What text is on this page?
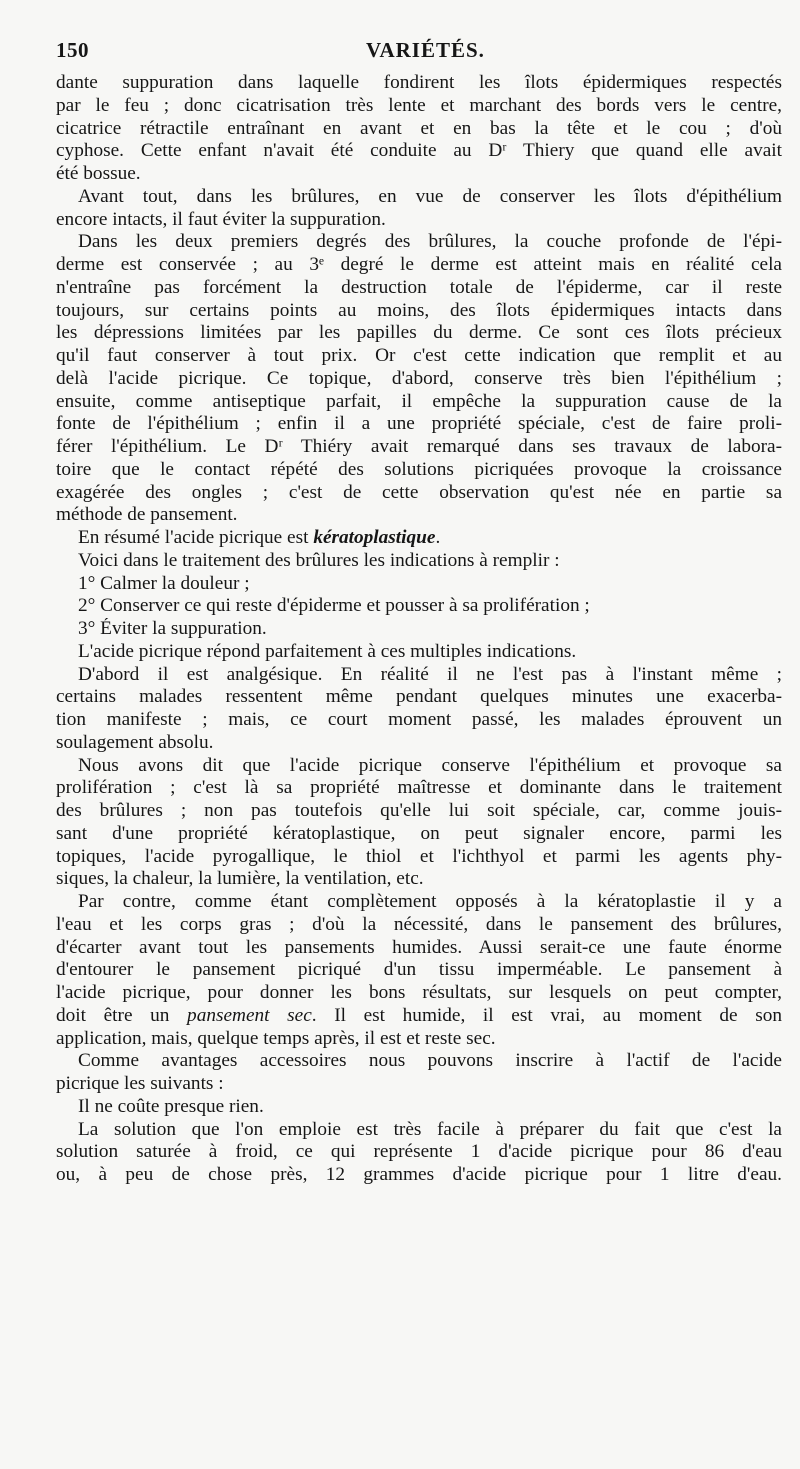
150	VARIÉTÉS.
dante suppuration dans laquelle fondirent les îlots épidermiques respectés
par le feu ; donc cicatrisation très lente et marchant des bords vers le centre,
cicatrice rétractile entraînant en avant et en bas la tête et le cou ; d'où
cyphose. Cette enfant n'avait été conduite au Dʳ Thiery que quand elle avait
été bossue.
Avant tout, dans les brûlures, en vue de conserver les îlots d'épithélium
encore intacts, il faut éviter la suppuration.
Dans les deux premiers degrés des brûlures, la couche profonde de l'épi-
derme est conservée ; au 3ᵉ degré le derme est atteint mais en réalité cela
n'entraîne pas forcément la destruction totale de l'épiderme, car il reste
toujours, sur certains points au moins, des îlots épidermiques intacts dans
les dépressions limitées par les papilles du derme. Ce sont ces îlots précieux
qu'il faut conserver à tout prix. Or c'est cette indication que remplit et au
delà l'acide picrique. Ce topique, d'abord, conserve très bien l'épithélium ;
ensuite, comme antiseptique parfait, il empêche la suppuration cause de la
fonte de l'épithélium ; enfin il a une propriété spéciale, c'est de faire proli-
férer l'épithélium. Le Dʳ Thiéry avait remarqué dans ses travaux de labora-
toire que le contact répété des solutions picriquées provoque la croissance
exagérée des ongles ; c'est de cette observation qu'est née en partie sa
méthode de pansement.
En résumé l'acide picrique est kératoplastique.
Voici dans le traitement des brûlures les indications à remplir :
1° Calmer la douleur ;
2° Conserver ce qui reste d'épiderme et pousser à sa prolifération ;
3° Éviter la suppuration.
L'acide picrique répond parfaitement à ces multiples indications.
D'abord il est analgésique. En réalité il ne l'est pas à l'instant même ;
certains malades ressentent même pendant quelques minutes une exacerba-
tion manifeste ; mais, ce court moment passé, les malades éprouvent un
soulagement absolu.
Nous avons dit que l'acide picrique conserve l'épithélium et provoque sa
prolifération ; c'est là sa propriété maîtresse et dominante dans le traitement
des brûlures ; non pas toutefois qu'elle lui soit spéciale, car, comme jouis-
sant d'une propriété kératoplastique, on peut signaler encore, parmi les
topiques, l'acide pyrogallique, le thiol et l'ichthyol et parmi les agents phy-
siques, la chaleur, la lumière, la ventilation, etc.
Par contre, comme étant complètement opposés à la kératoplastie il y a
l'eau et les corps gras ; d'où la nécessité, dans le pansement des brûlures,
d'écarter avant tout les pansements humides. Aussi serait-ce une faute énorme
d'entourer le pansement picriqué d'un tissu imperméable. Le pansement à
l'acide picrique, pour donner les bons résultats, sur lesquels on peut compter,
doit être un pansement sec. Il est humide, il est vrai, au moment de son
application, mais, quelque temps après, il est et reste sec.
Comme avantages accessoires nous pouvons inscrire à l'actif de l'acide
picrique les suivants :
Il ne coûte presque rien.
La solution que l'on emploie est très facile à préparer du fait que c'est la
solution saturée à froid, ce qui représente 1 d'acide picrique pour 86 d'eau
ou, à peu de chose près, 12 grammes d'acide picrique pour 1 litre d'eau.
